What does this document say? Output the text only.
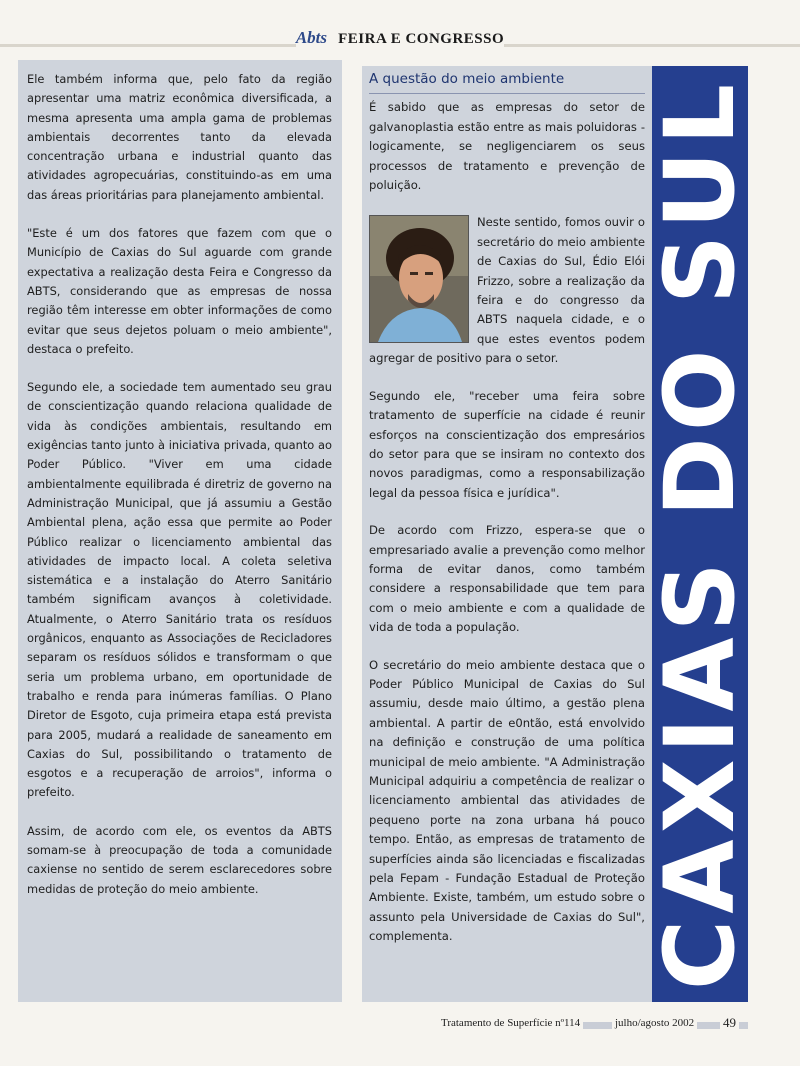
Abts FEIRA E CONGRESSO

Ele também informa que, pelo fato da região apresentar uma matriz econômica diversificada, a mesma apresenta uma ampla gama de problemas ambientais decorrentes tanto da elevada concentração urbana e industrial quanto das atividades agropecuárias, constituindo-as em uma das áreas prioritárias para planejamento ambiental.

"Este é um dos fatores que fazem com que o Município de Caxias do Sul aguarde com grande expectativa a realização desta Feira e Congresso da ABTS, considerando que as empresas de nossa região têm interesse em obter informações de como evitar que seus dejetos poluam o meio ambiente", destaca o prefeito.

Segundo ele, a sociedade tem aumentado seu grau de conscientização quando relaciona qualidade de vida às condições ambientais, resultando em exigências tanto junto à iniciativa privada, quanto ao Poder Público. "Viver em uma cidade ambientalmente equilibrada é diretriz de governo na Administração Municipal, que já assumiu a Gestão Ambiental plena, ação essa que permite ao Poder Público realizar o licenciamento ambiental das atividades de impacto local. A coleta seletiva sistemática e a instalação do Aterro Sanitário também significam avanços à coletividade. Atualmente, o Aterro Sanitário trata os resíduos orgânicos, enquanto as Associações de Recicladores separam os resíduos sólidos e transformam o que seria um problema urbano, em oportunidade de trabalho e renda para inúmeras famílias. O Plano Diretor de Esgoto, cuja primeira etapa está prevista para 2005, mudará a realidade de saneamento em Caxias do Sul, possibilitando o tratamento de esgotos e a recuperação de arroios", informa o prefeito.

Assim, de acordo com ele, os eventos da ABTS somam-se à preocupação de toda a comunidade caxiense no sentido de serem esclarecedores sobre medidas de proteção do meio ambiente.

A questão do meio ambiente

É sabido que as empresas do setor de galvanoplastia estão entre as mais poluidoras - logicamente, se negligenciarem os seus processos de tratamento e prevenção de poluição.

Neste sentido, fomos ouvir o secretário do meio ambiente de Caxias do Sul, Édio Elói Frizzo, sobre a realização da feira e do congresso da ABTS naquela cidade, e o que estes eventos podem agregar de positivo para o setor.

Segundo ele, "receber uma feira sobre tratamento de superfície na cidade é reunir esforços na conscientização dos empresários do setor para que se insiram no contexto dos novos paradigmas, como a responsabilização legal da pessoa física e jurídica".

De acordo com Frizzo, espera-se que o empresariado avalie a prevenção como melhor forma de evitar danos, como também considere a responsabilidade que tem para com o meio ambiente e com a qualidade de vida de toda a população.

O secretário do meio ambiente destaca que o Poder Público Municipal de Caxias do Sul assumiu, desde maio último, a gestão plena ambiental. A partir de e0ntão, está envolvido na definição e construção de uma política municipal de meio ambiente. "A Administração Municipal adquiriu a competência de realizar o licenciamento ambiental das atividades de pequeno porte na zona urbana há pouco tempo. Então, as empresas de tratamento de superfícies ainda são licenciadas e fiscalizadas pela Fepam - Fundação Estadual de Proteção Ambiente. Existe, também, um estudo sobre o assunto pela Universidade de Caxias do Sul", complementa.	CAXIAS DO SUL
Tratamento de Superfície nº114	julho/agosto 2002 49
